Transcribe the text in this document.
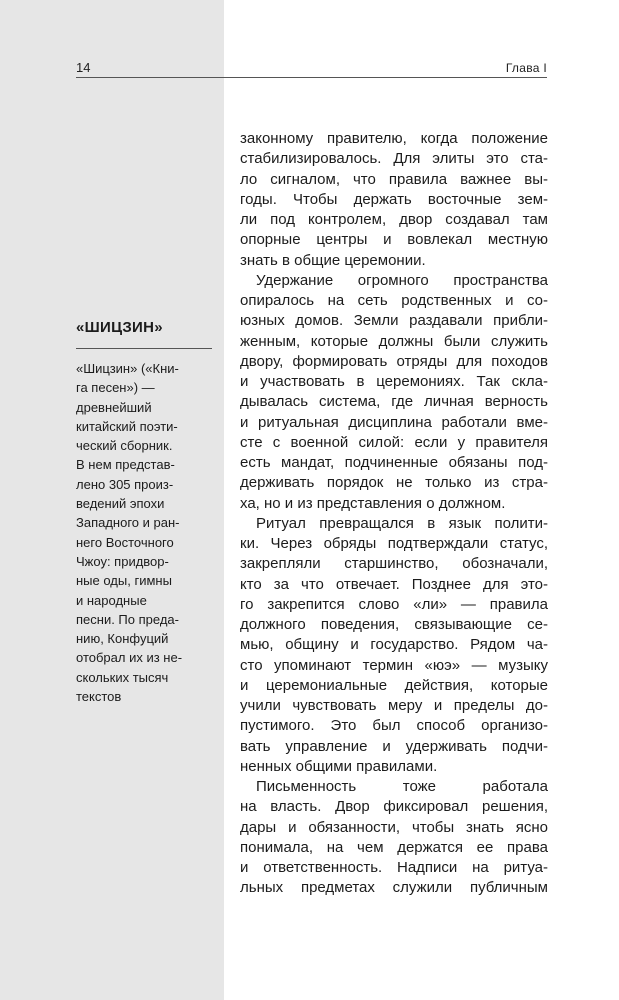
14	Глава I
«ШИЦЗИН»
«Шицзин» («Кни-
га песен») —
древнейший
китайский поэти-
ческий сборник.
В нем представ-
лено 305 произ-
ведений эпохи
Западного и ран-
него Восточного
Чжоу: придвор-
ные оды, гимны
и народные
песни. По преда-
нию, Конфуций
отобрал их из не-
скольких тысяч
текстов
законному правителю, когда положение
стабилизировалось. Для элиты это ста-
ло сигналом, что правила важнее вы-
годы. Чтобы держать восточные зем-
ли под контролем, двор создавал там
опорные центры и вовлекал местную
знать в общие церемонии.
Удержание огромного пространства
опиралось на сеть родственных и со-
юзных домов. Земли раздавали прибли-
женным, которые должны были служить
двору, формировать отряды для походов
и участвовать в церемониях. Так скла-
дывалась система, где личная верность
и ритуальная дисциплина работали вме-
сте с военной силой: если у правителя
есть мандат, подчиненные обязаны под-
держивать порядок не только из стра-
ха, но и из представления о должном.
Ритуал превращался в язык полити-
ки. Через обряды подтверждали статус,
закрепляли старшинство, обозначали,
кто за что отвечает. Позднее для это-
го закрепится слово «ли» — правила
должного поведения, связывающие се-
мью, общину и государство. Рядом ча-
сто упоминают термин «юэ» — музыку
и церемониальные действия, которые
учили чувствовать меру и пределы до-
пустимого. Это был способ организо-
вать управление и удерживать подчи-
ненных общими правилами.
Письменность тоже работала
на власть. Двор фиксировал решения,
дары и обязанности, чтобы знать ясно
понимала, на чем держатся ее права
и ответственность. Надписи на ритуа-
льных предметах служили публичным
